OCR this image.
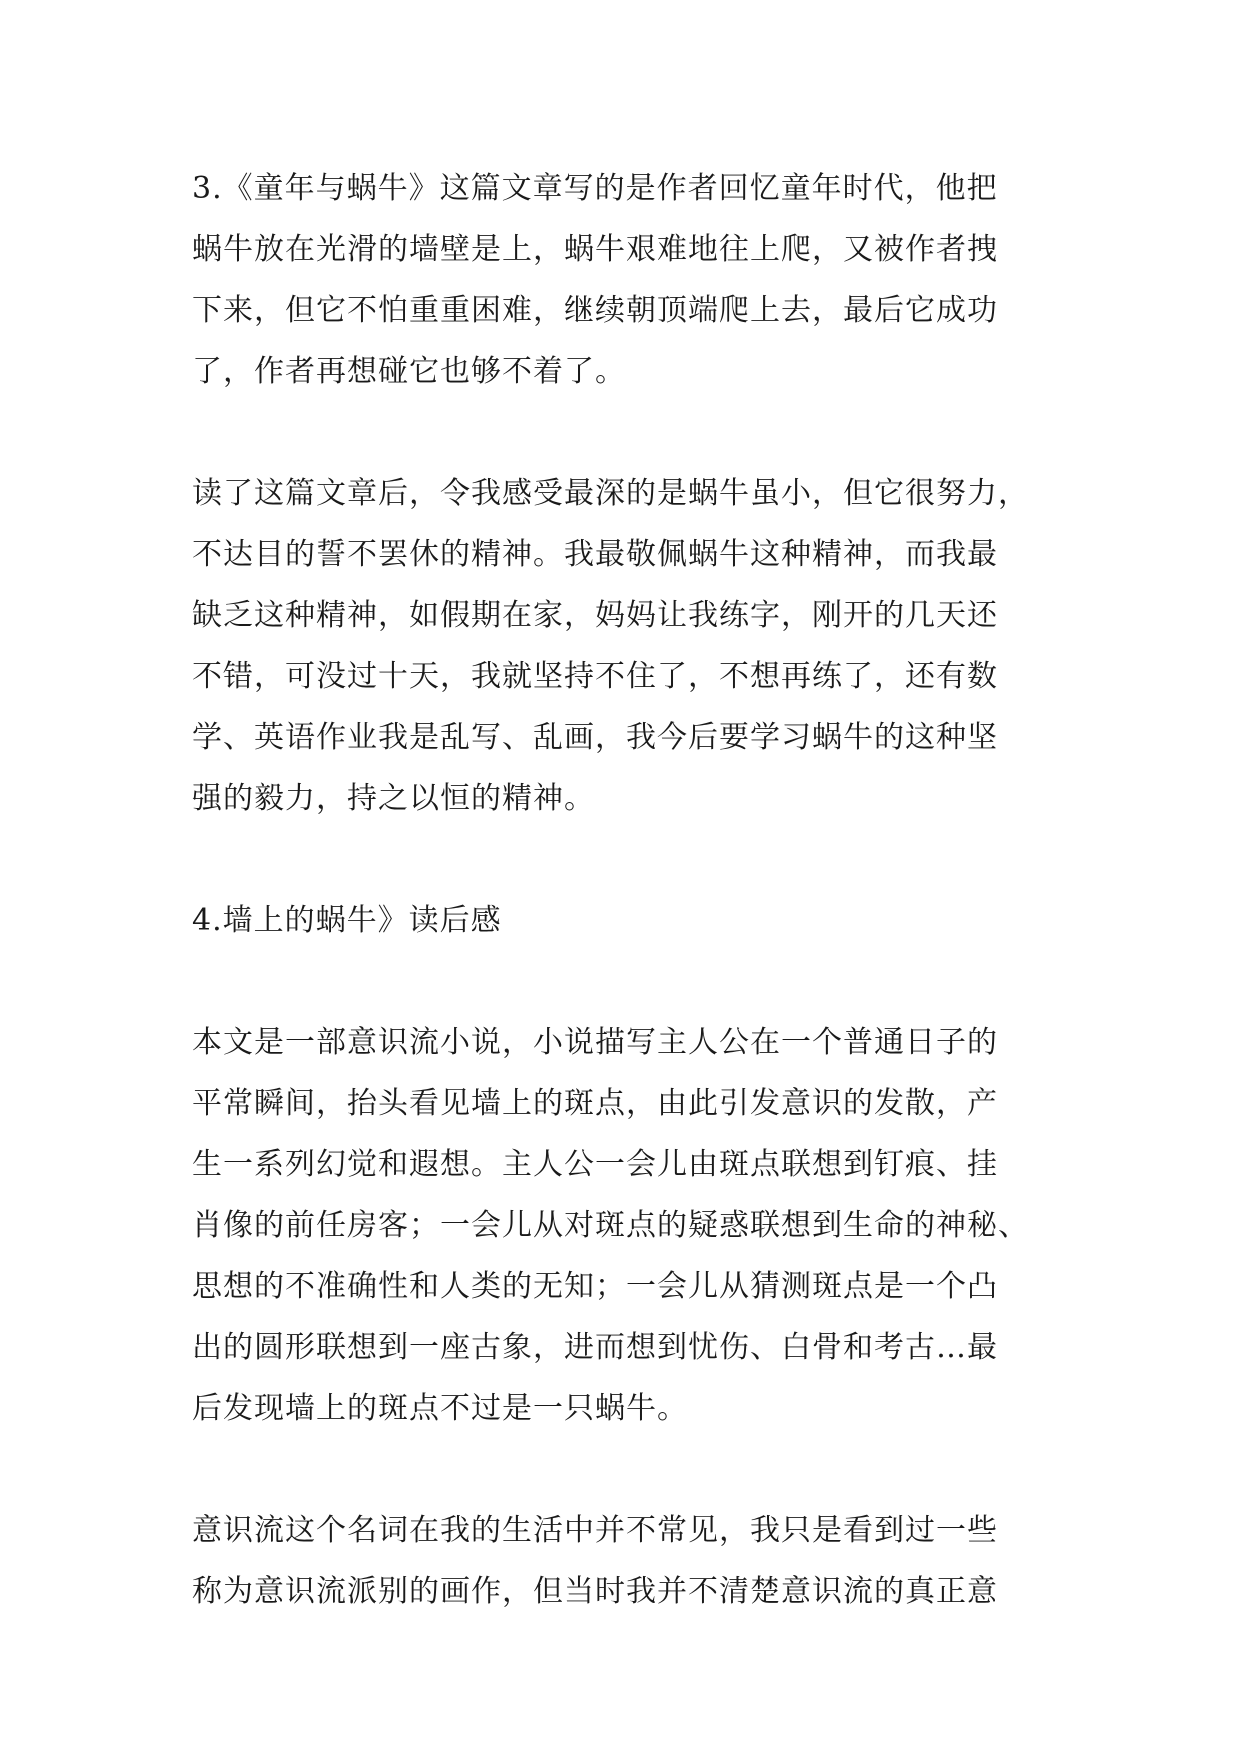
3.《童年与蜗牛》这篇文章写的是作者回忆童年时代，他把
蜗牛放在光滑的墙壁是上，蜗牛艰难地往上爬，又被作者拽
下来，但它不怕重重困难，继续朝顶端爬上去，最后它成功
了，作者再想碰它也够不着了。
读了这篇文章后，令我感受最深的是蜗牛虽小，但它很努力，
不达目的誓不罢休的精神。我最敬佩蜗牛这种精神，而我最
缺乏这种精神，如假期在家，妈妈让我练字，刚开的几天还
不错，可没过十天，我就坚持不住了，不想再练了，还有数
学、英语作业我是乱写、乱画，我今后要学习蜗牛的这种坚
强的毅力，持之以恒的精神。
4.墙上的蜗牛》读后感
本文是一部意识流小说，小说描写主人公在一个普通日子的
平常瞬间，抬头看见墙上的斑点，由此引发意识的发散，产
生一系列幻觉和遐想。主人公一会儿由斑点联想到钉痕、挂
肖像的前任房客；一会儿从对斑点的疑惑联想到生命的神秘、
思想的不准确性和人类的无知；一会儿从猜测斑点是一个凸
出的圆形联想到一座古象，进而想到忧伤、白骨和考古…最
后发现墙上的斑点不过是一只蜗牛。
意识流这个名词在我的生活中并不常见，我只是看到过一些
称为意识流派别的画作，但当时我并不清楚意识流的真正意
